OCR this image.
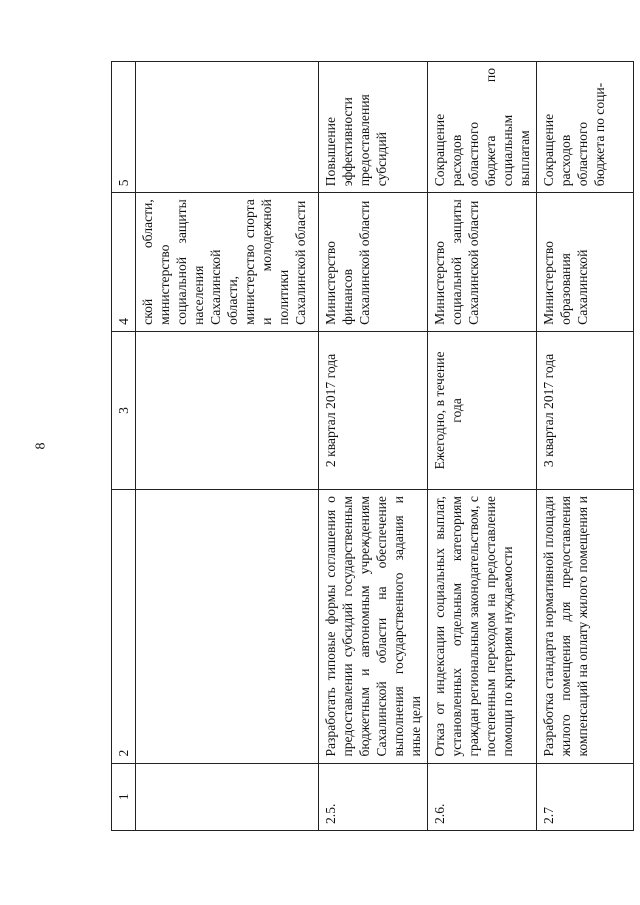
8
1	2	3	4	5
			ской области, министерство социальной защиты населения Сахалинской области, министерство спорта и молодежной политики Сахалинской области	
2.5.	Разработать типовые формы соглашения о предоставлении субсидий государственным бюджетным и автономным учреждениям Сахалинской области на обеспечение выполнения государственного задания и иные цели	2 квартал 2017 года	Министерство финансов Сахалинской области	Повышение эффективности предоставления субсидий
2.6.	Отказ от индексации социальных выплат, установленных отдельным категориям граждан региональным законодательством, с постепенным переходом на предоставление помощи по критериям нуждаемости	Ежегодно, в течение года	Министерство социальной защиты Сахалинской области	Сокращение расходов областного бюджета по социальным выплатам
2.7	Разработка стандарта нормативной площади жилого помещения для предоставления компенсаций на оплату жилого помещения и	3 квартал 2017 года	Министерство образования Сахалинской	Сокращение расходов областного бюджета по соци-
